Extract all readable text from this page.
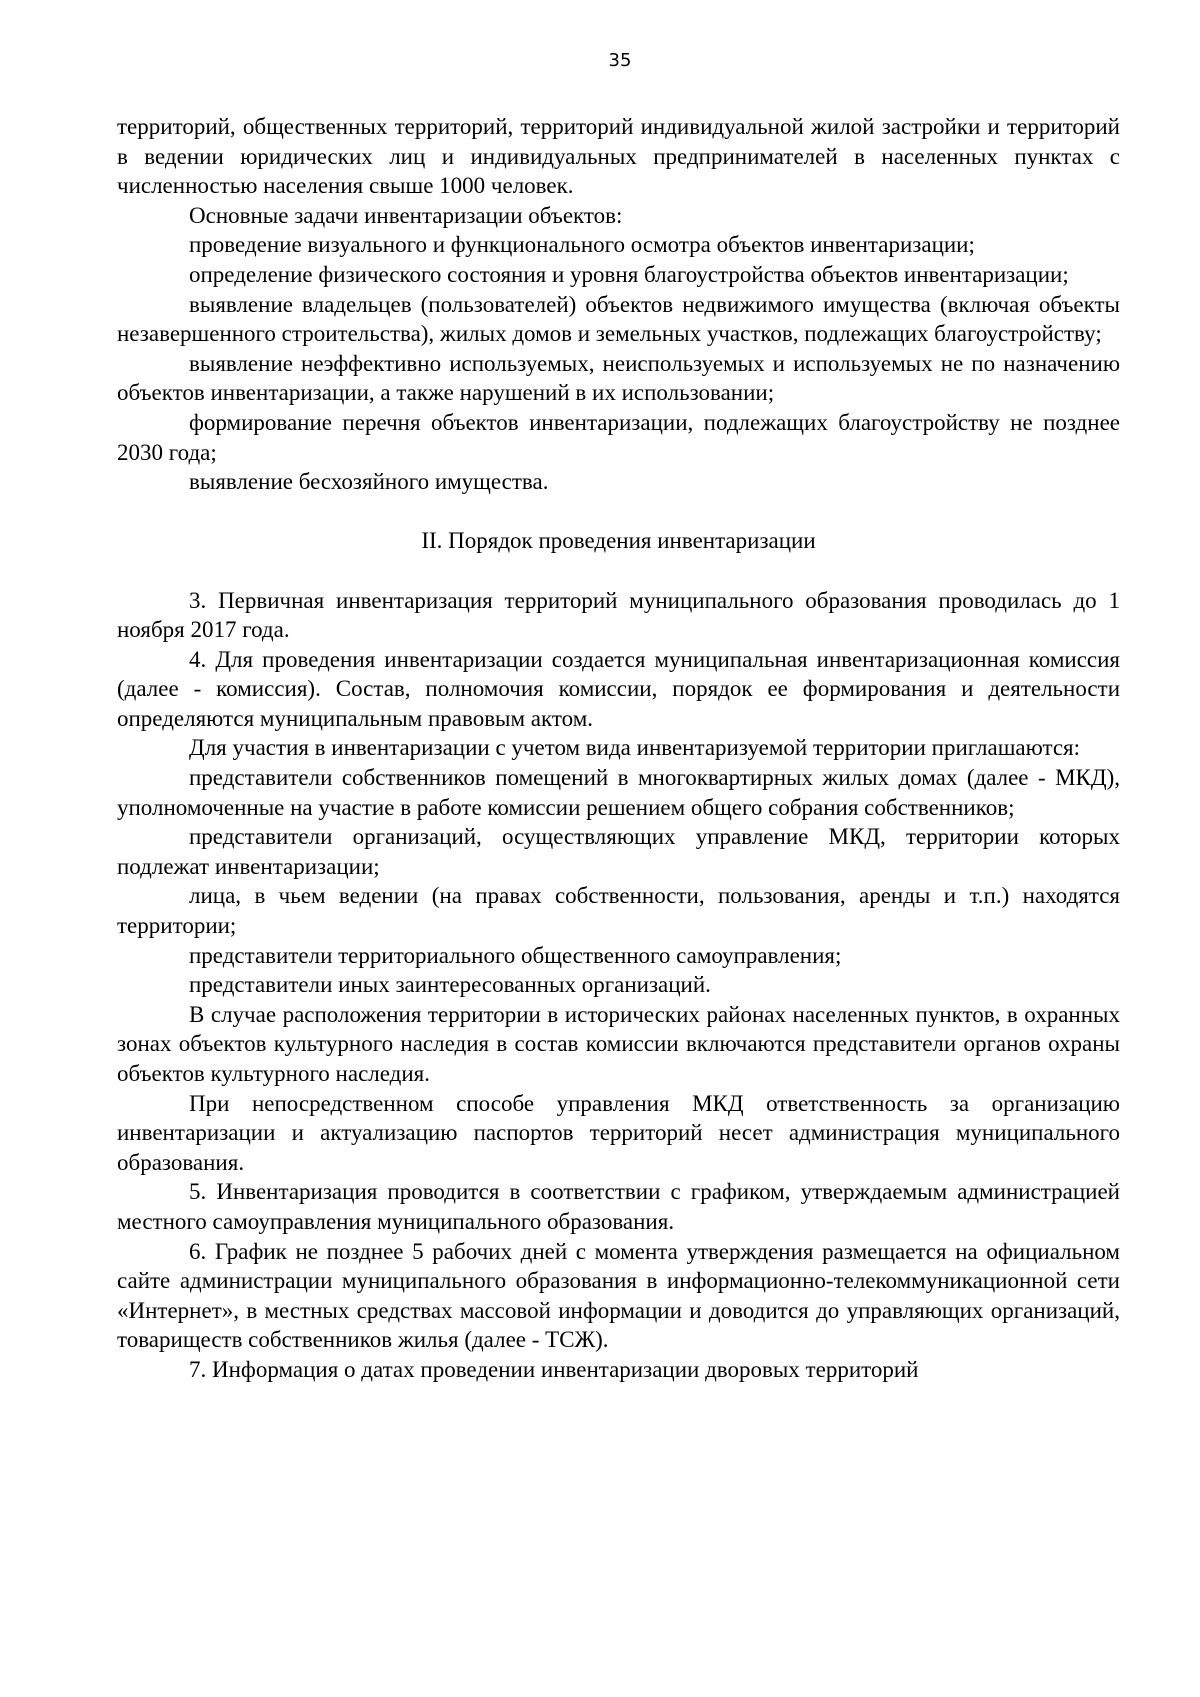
35

территорий, общественных территорий, территорий индивидуальной жилой застройки и территорий в ведении юридических лиц и индивидуальных предпринимателей в населенных пунктах с численностью населения свыше 1000 человек.

Основные задачи инвентаризации объектов:

проведение визуального и функционального осмотра объектов инвентаризации;

определение физического состояния и уровня благоустройства объектов инвентаризации;

выявление владельцев (пользователей) объектов недвижимого имущества (включая объекты незавершенного строительства), жилых домов и земельных участков, подлежащих благоустройству;

выявление неэффективно используемых, неиспользуемых и используемых не по назначению объектов инвентаризации, а также нарушений в их использовании;

формирование перечня объектов инвентаризации, подлежащих благоустройству не позднее 2030 года;

выявление бесхозяйного имущества.

II. Порядок проведения инвентаризации

3. Первичная инвентаризация территорий муниципального образования проводилась до 1 ноября 2017 года.

4. Для проведения инвентаризации создается муниципальная инвентаризационная комиссия (далее - комиссия). Состав, полномочия комиссии, порядок ее формирования и деятельности определяются муниципальным правовым актом.

Для участия в инвентаризации с учетом вида инвентаризуемой территории приглашаются:

представители собственников помещений в многоквартирных жилых домах (далее - МКД), уполномоченные на участие в работе комиссии решением общего собрания собственников;

представители организаций, осуществляющих управление МКД, территории которых подлежат инвентаризации;

лица, в чьем ведении (на правах собственности, пользования, аренды и т.п.) находятся территории;

представители территориального общественного самоуправления;

представители иных заинтересованных организаций.

В случае расположения территории в исторических районах населенных пунктов, в охранных зонах объектов культурного наследия в состав комиссии включаются представители органов охраны объектов культурного наследия.

При непосредственном способе управления МКД ответственность за организацию инвентаризации и актуализацию паспортов территорий несет администрация муниципального образования.

5. Инвентаризация проводится в соответствии с графиком, утверждаемым администрацией местного самоуправления муниципального образования.

6. График не позднее 5 рабочих дней с момента утверждения размещается на официальном сайте администрации муниципального образования в информационно-телекоммуникационной сети «Интернет», в местных средствах массовой информации и доводится до управляющих организаций, товариществ собственников жилья (далее - ТСЖ).

7. Информация о датах проведении инвентаризации дворовых территорий
